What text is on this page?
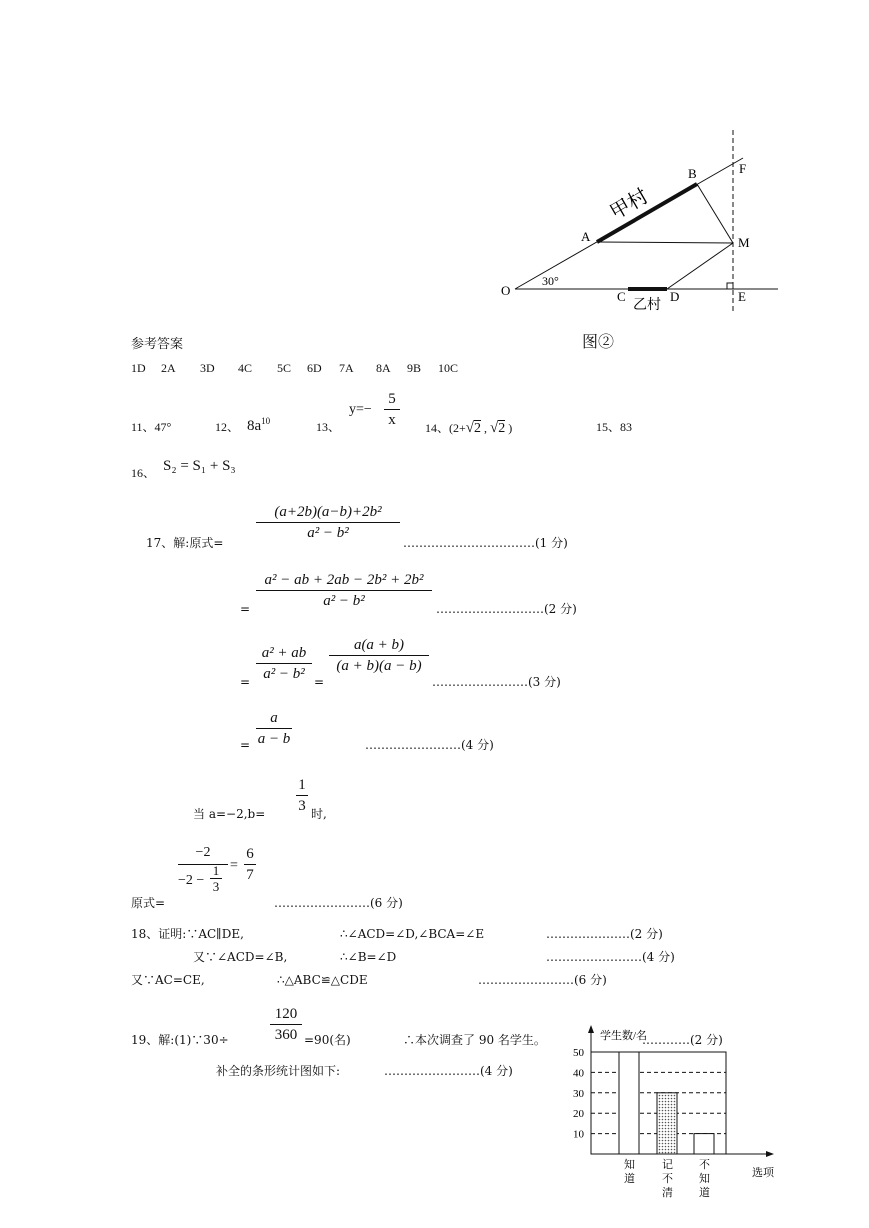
O
A
B	F
M
C	D	E
30°
甲村
乙村
图②
参考答案
1D 2A 3D 4C 5C 6D 7A 8A 9B 10C
11、47°	12、 $8a^{10}$	13、
y=−
5
x	14、(2+√2 , √2 )	15、83
16、 S₂ = S₁ + S₃
(a+2b)(a−b)+2b²
a² − b²
17、解:原式=	……………………………(1 分)
=
a² − ab + 2ab − 2b² + 2b²
a² − b²	………………………(2 分)
=
a² + ab
a² − b² =
a(a + b)
(a + b)(a − b)
……………………(3 分)
=
a
a − b	……………………(4 分)
当 a=−2,b=
1
3 时,
−2
−2 −
1
3
=
6
7
原式=	……………………(6 分)
18、证明:∵AC∥DE,	∴∠ACD=∠D,∠BCA=∠E	…………………(2 分)
又∵∠ACD=∠B,	∴∠B=∠D	……………………(4 分)
又∵AC=CE,	∴△ABC≌△CDE	……………………(6 分)
19、解:(1)∵30÷
120
360 =90(名)	∴本次调查了 90 名学生。	…………(2 分)
补全的条形统计图如下:	……………………(4 分)
10
20
30
40
50
知道
记不清
不知道
学生数/名
选项
